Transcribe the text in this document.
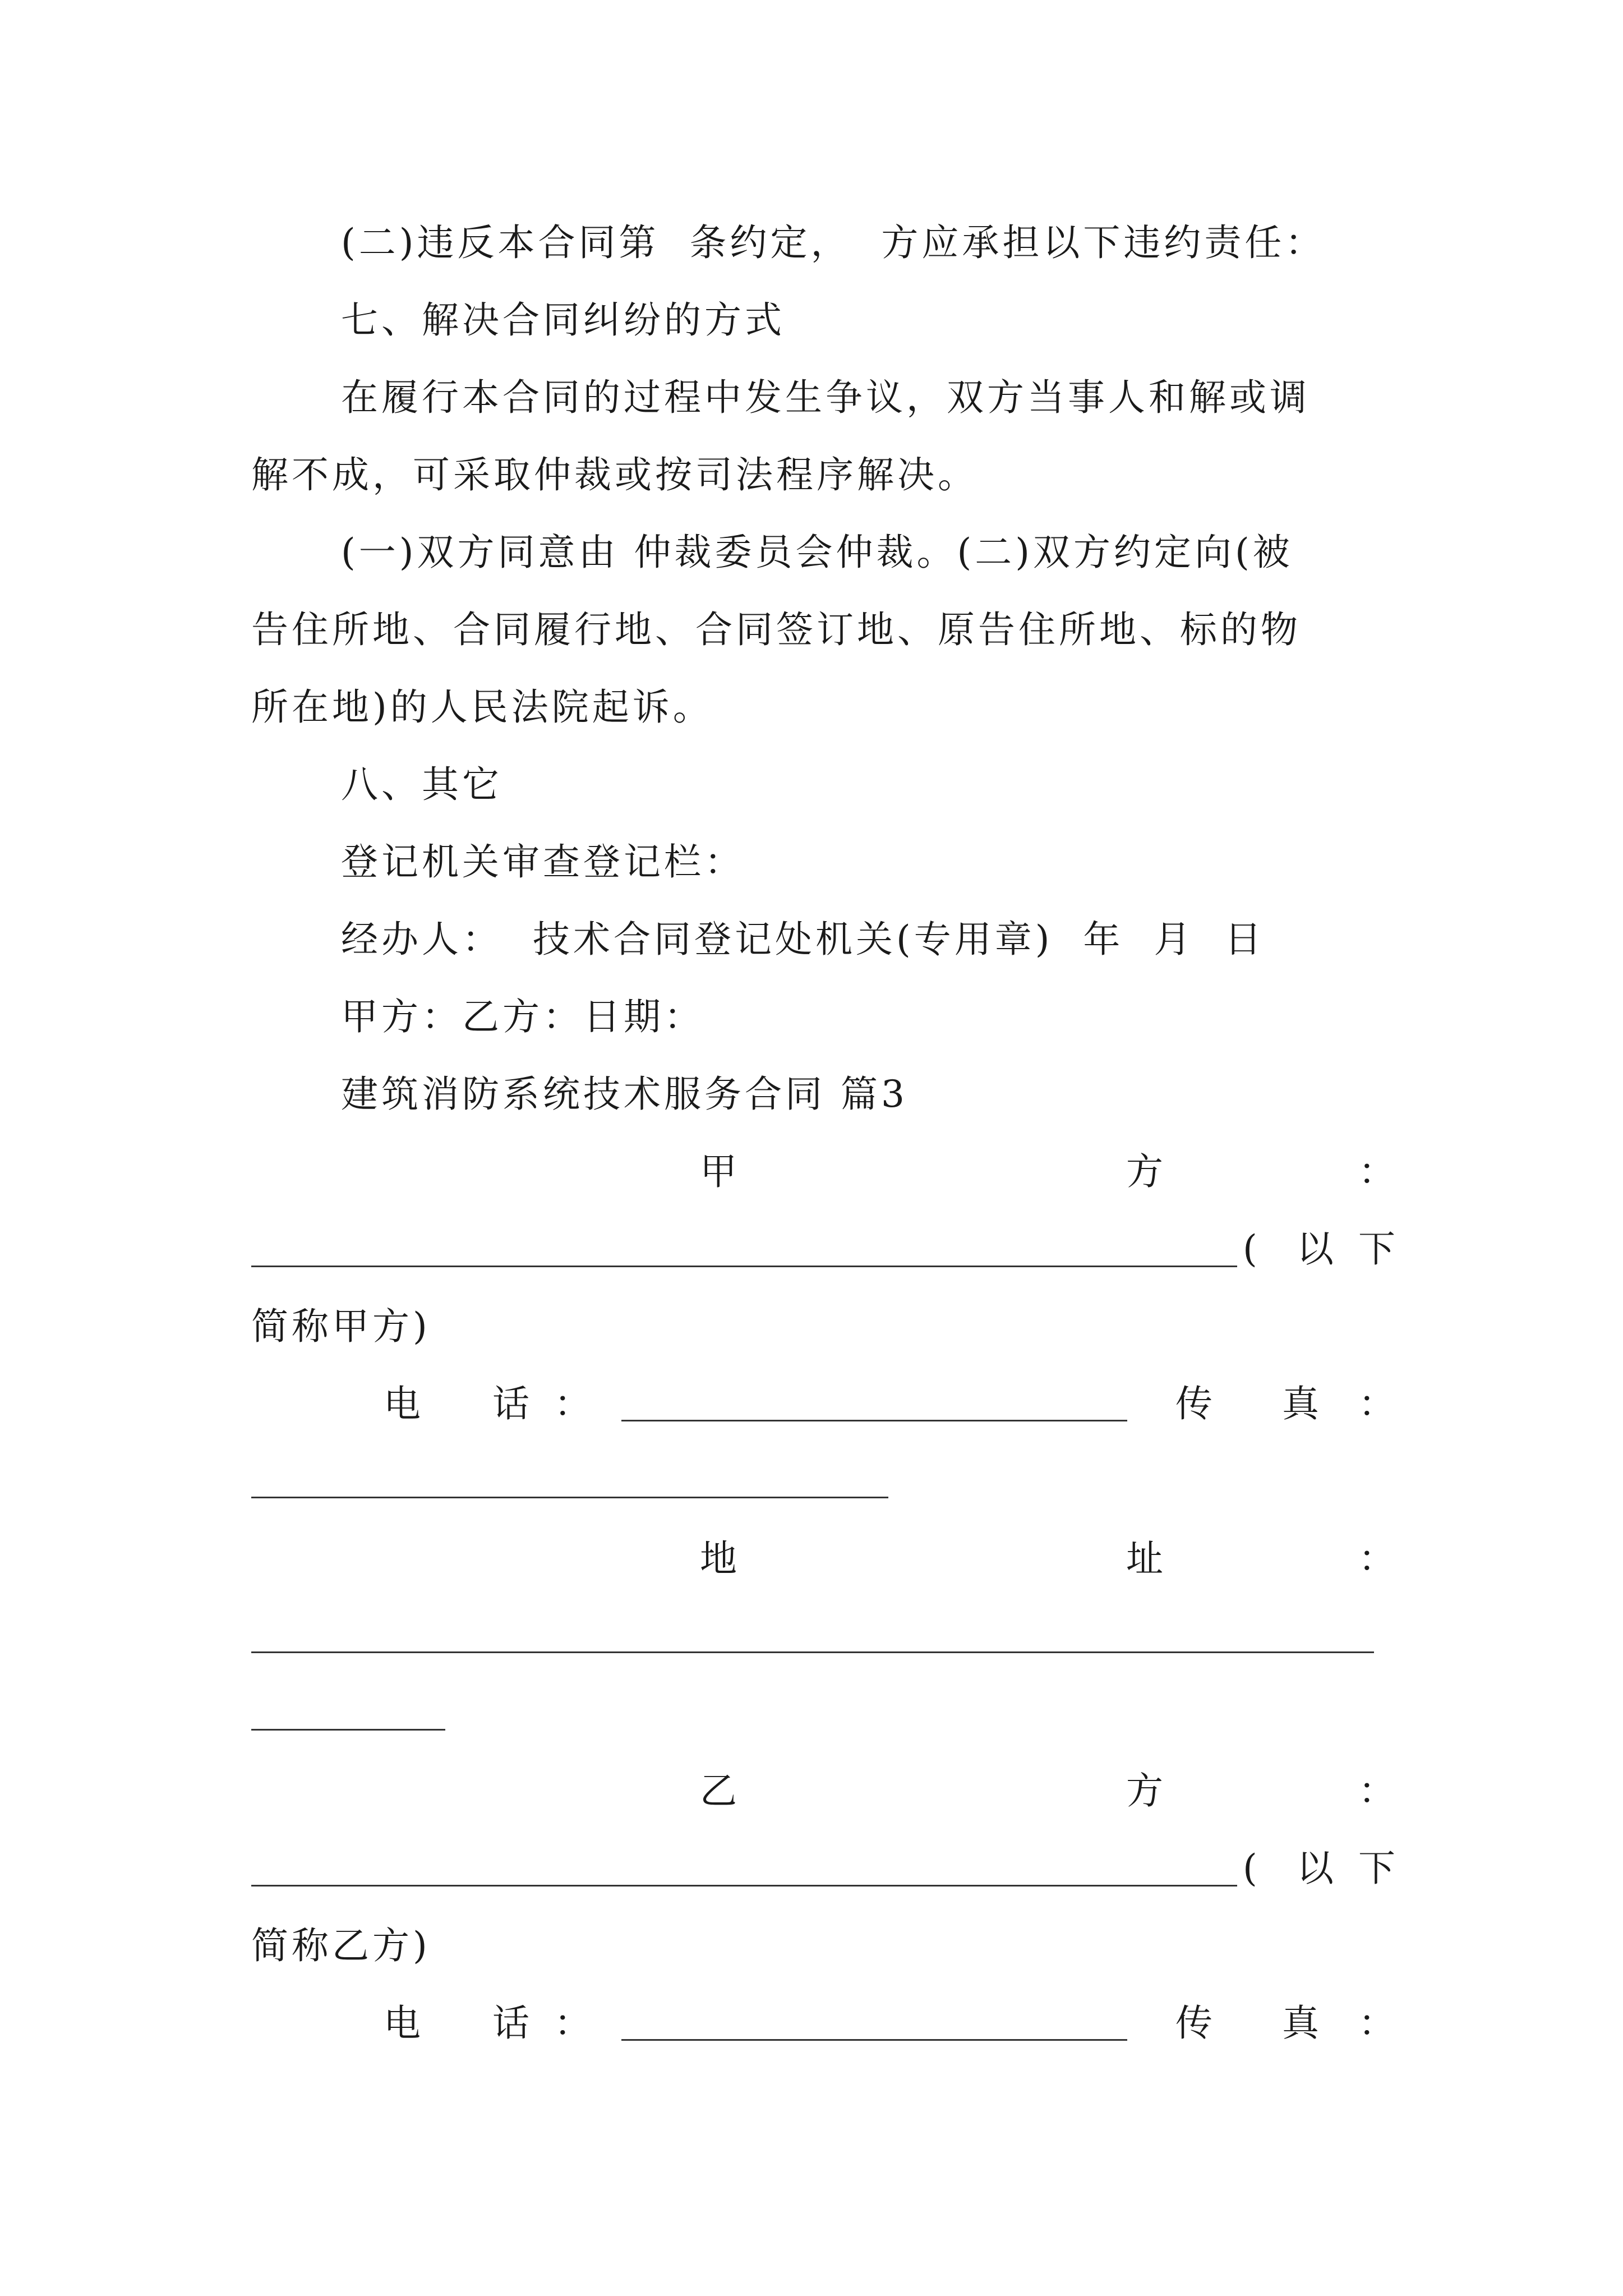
(二)违反本合同第  条约定，  方应承担以下违约责任：
七、解决合同纠纷的方式
在履行本合同的过程中发生争议，双方当事人和解或调
解不成，可采取仲裁或按司法程序解决。
(一)双方同意由 仲裁委员会仲裁。(二)双方约定向(被
告住所地、合同履行地、合同签订地、原告住所地、标的物
所在地)的人民法院起诉。
八、其它
登记机关审查登记栏：
经办人：  技术合同登记处机关(专用章)  年  月  日
甲方：乙方：日期：
建筑消防系统技术服务合同 篇3
甲	方	：
( 以 下
简称甲方)
电 话 ：	传 真 ：
地	址	：
乙	方	：
( 以 下
简称乙方)
电 话 ：	传 真 ：
